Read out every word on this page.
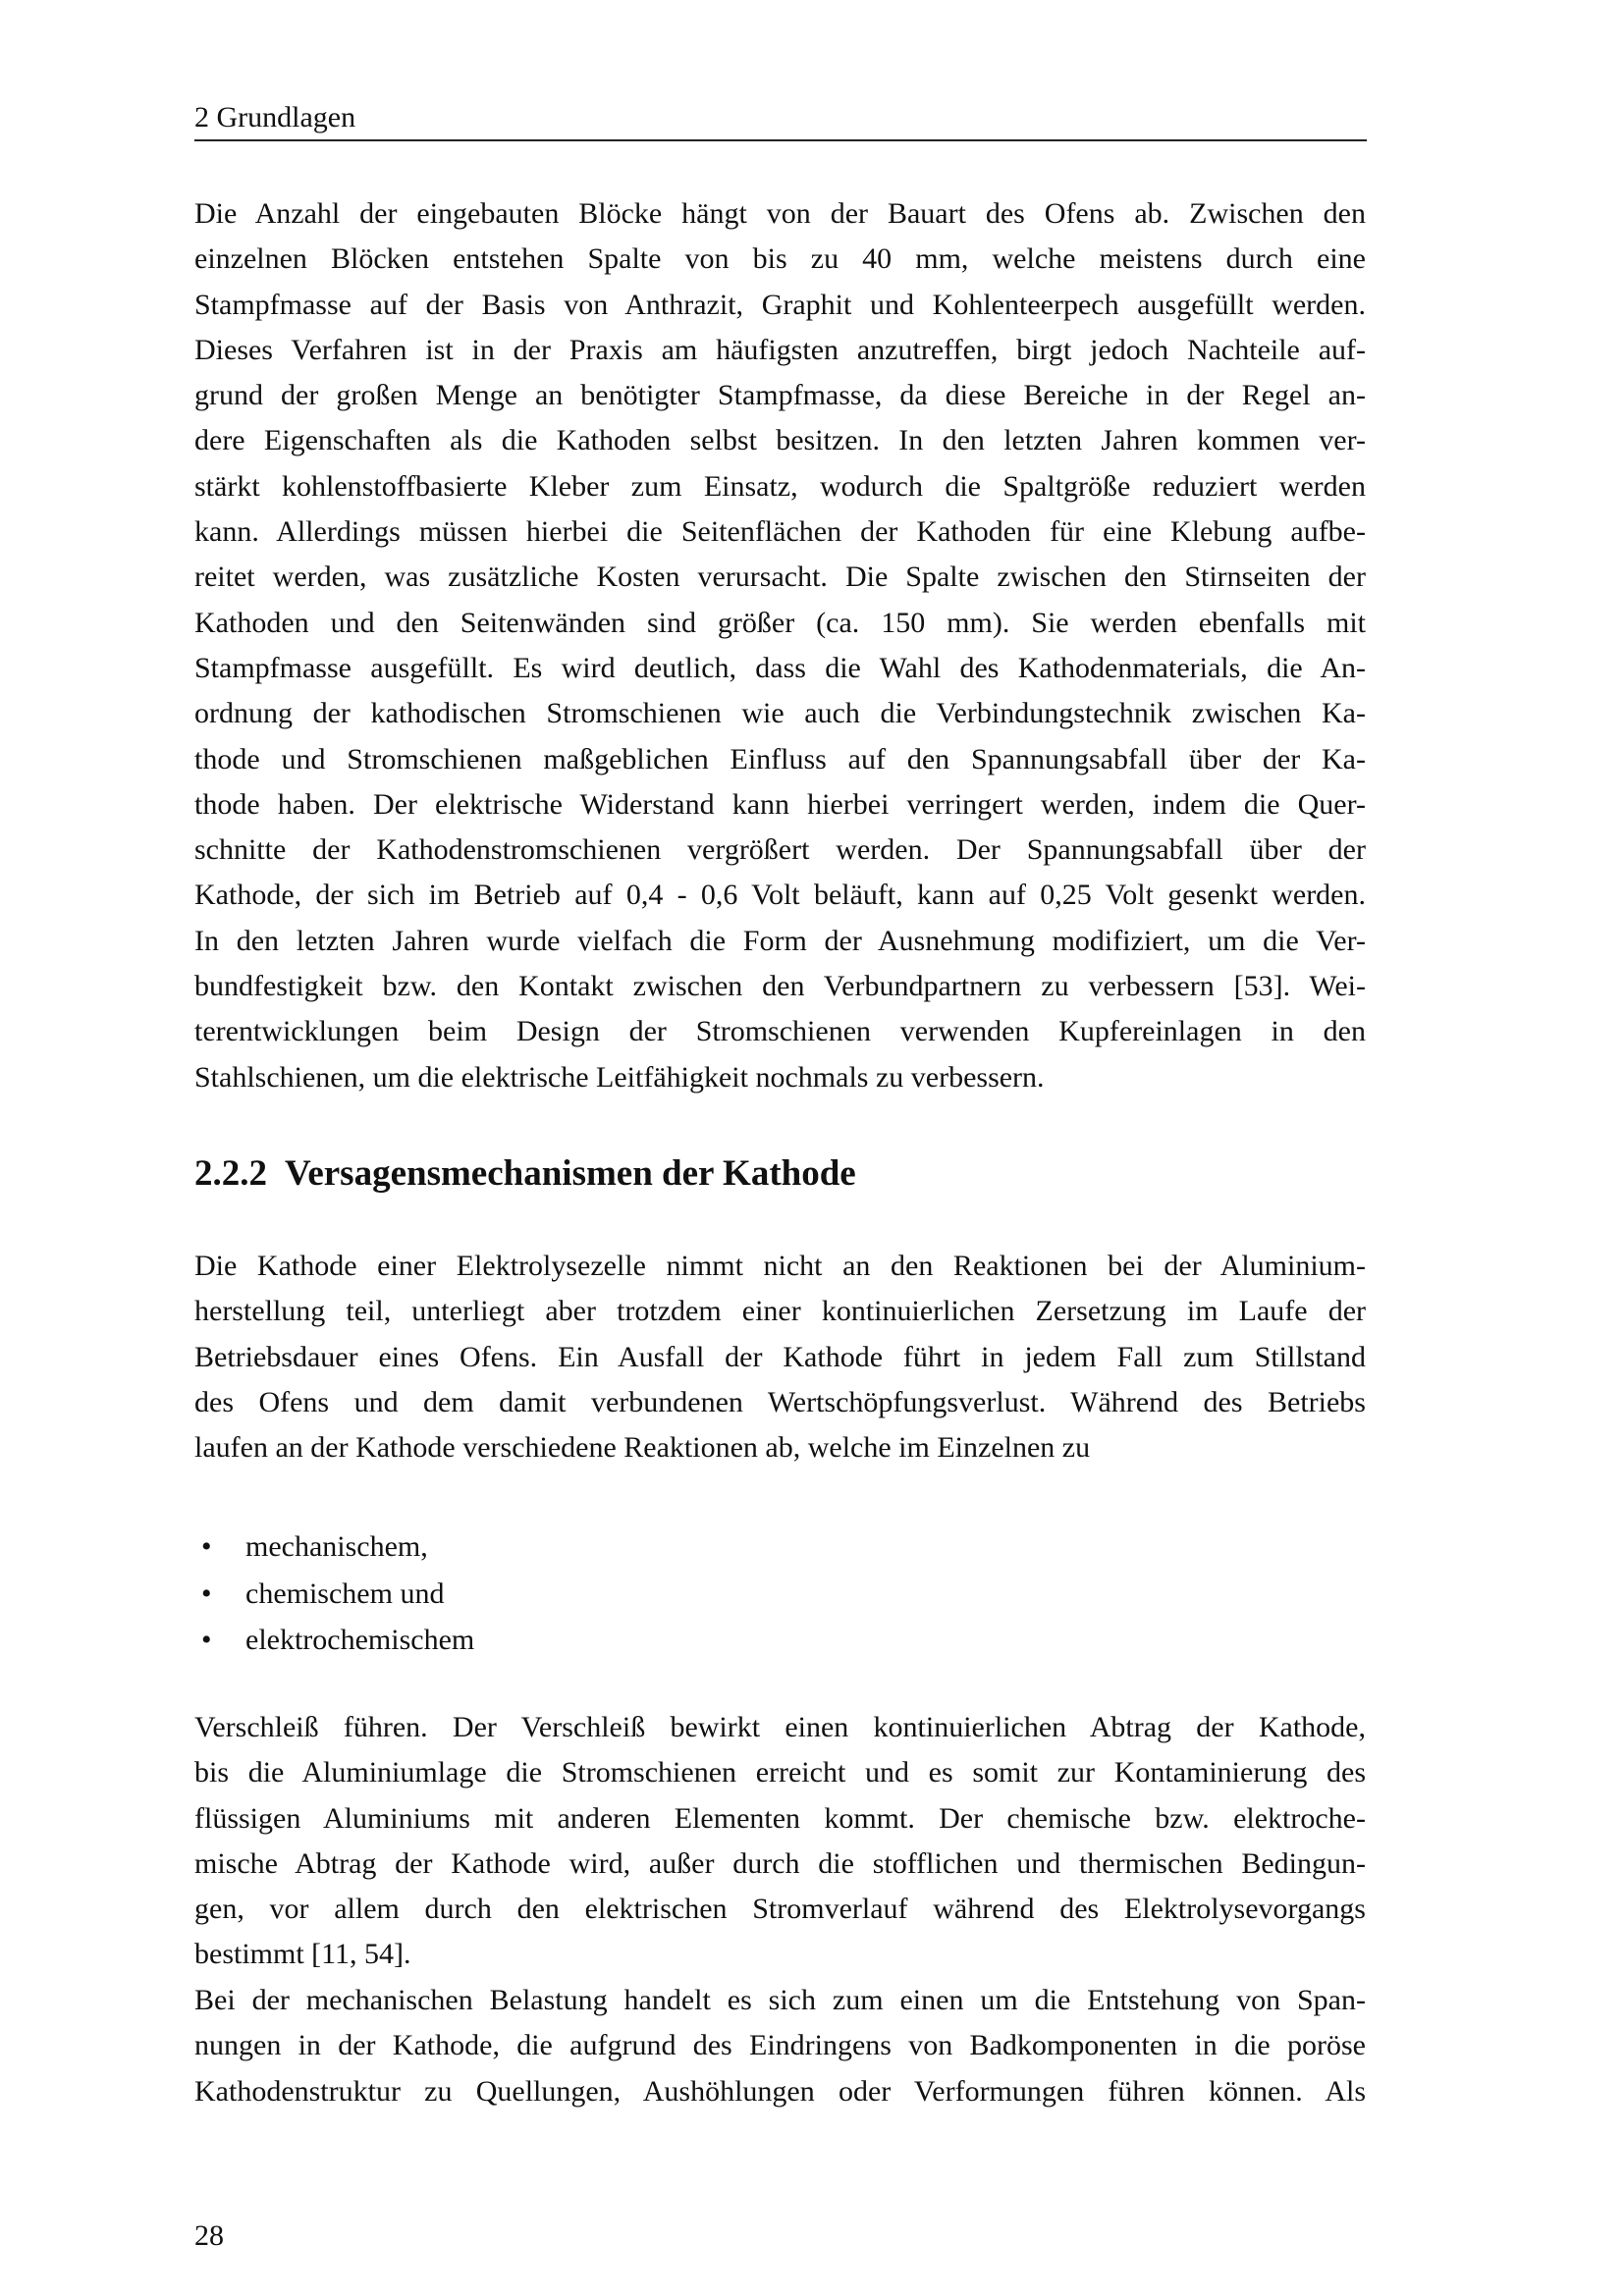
2 Grundlagen
Die Anzahl der eingebauten Blöcke hängt von der Bauart des Ofens ab. Zwischen den
einzelnen Blöcken entstehen Spalte von bis zu 40 mm, welche meistens durch eine
Stampfmasse auf der Basis von Anthrazit, Graphit und Kohlenteerpech ausgefüllt werden.
Dieses Verfahren ist in der Praxis am häufigsten anzutreffen, birgt jedoch Nachteile auf-
grund der großen Menge an benötigter Stampfmasse, da diese Bereiche in der Regel an-
dere Eigenschaften als die Kathoden selbst besitzen. In den letzten Jahren kommen ver-
stärkt kohlenstoffbasierte Kleber zum Einsatz, wodurch die Spaltgröße reduziert werden
kann. Allerdings müssen hierbei die Seitenflächen der Kathoden für eine Klebung aufbe-
reitet werden, was zusätzliche Kosten verursacht. Die Spalte zwischen den Stirnseiten der
Kathoden und den Seitenwänden sind größer (ca. 150 mm). Sie werden ebenfalls mit
Stampfmasse ausgefüllt. Es wird deutlich, dass die Wahl des Kathodenmaterials, die An-
ordnung der kathodischen Stromschienen wie auch die Verbindungstechnik zwischen Ka-
thode und Stromschienen maßgeblichen Einfluss auf den Spannungsabfall über der Ka-
thode haben. Der elektrische Widerstand kann hierbei verringert werden, indem die Quer-
schnitte der Kathodenstromschienen vergrößert werden. Der Spannungsabfall über der
Kathode, der sich im Betrieb auf 0,4 - 0,6 Volt beläuft, kann auf 0,25 Volt gesenkt werden.
In den letzten Jahren wurde vielfach die Form der Ausnehmung modifiziert, um die Ver-
bundfestigkeit bzw. den Kontakt zwischen den Verbundpartnern zu verbessern [53]. Wei-
terentwicklungen beim Design der Stromschienen verwenden Kupfereinlagen in den
Stahlschienen, um die elektrische Leitfähigkeit nochmals zu verbessern.
2.2.2 Versagensmechanismen der Kathode
Die Kathode einer Elektrolysezelle nimmt nicht an den Reaktionen bei der Aluminium-
herstellung teil, unterliegt aber trotzdem einer kontinuierlichen Zersetzung im Laufe der
Betriebsdauer eines Ofens. Ein Ausfall der Kathode führt in jedem Fall zum Stillstand
des Ofens und dem damit verbundenen Wertschöpfungsverlust. Während des Betriebs
laufen an der Kathode verschiedene Reaktionen ab, welche im Einzelnen zu
• mechanischem,
• chemischem und
• elektrochemischem
Verschleiß führen. Der Verschleiß bewirkt einen kontinuierlichen Abtrag der Kathode,
bis die Aluminiumlage die Stromschienen erreicht und es somit zur Kontaminierung des
flüssigen Aluminiums mit anderen Elementen kommt. Der chemische bzw. elektroche-
mische Abtrag der Kathode wird, außer durch die stofflichen und thermischen Bedingun-
gen, vor allem durch den elektrischen Stromverlauf während des Elektrolysevorgangs
bestimmt [11, 54].
Bei der mechanischen Belastung handelt es sich zum einen um die Entstehung von Span-
nungen in der Kathode, die aufgrund des Eindringens von Badkomponenten in die poröse
Kathodenstruktur zu Quellungen, Aushöhlungen oder Verformungen führen können. Als
28
